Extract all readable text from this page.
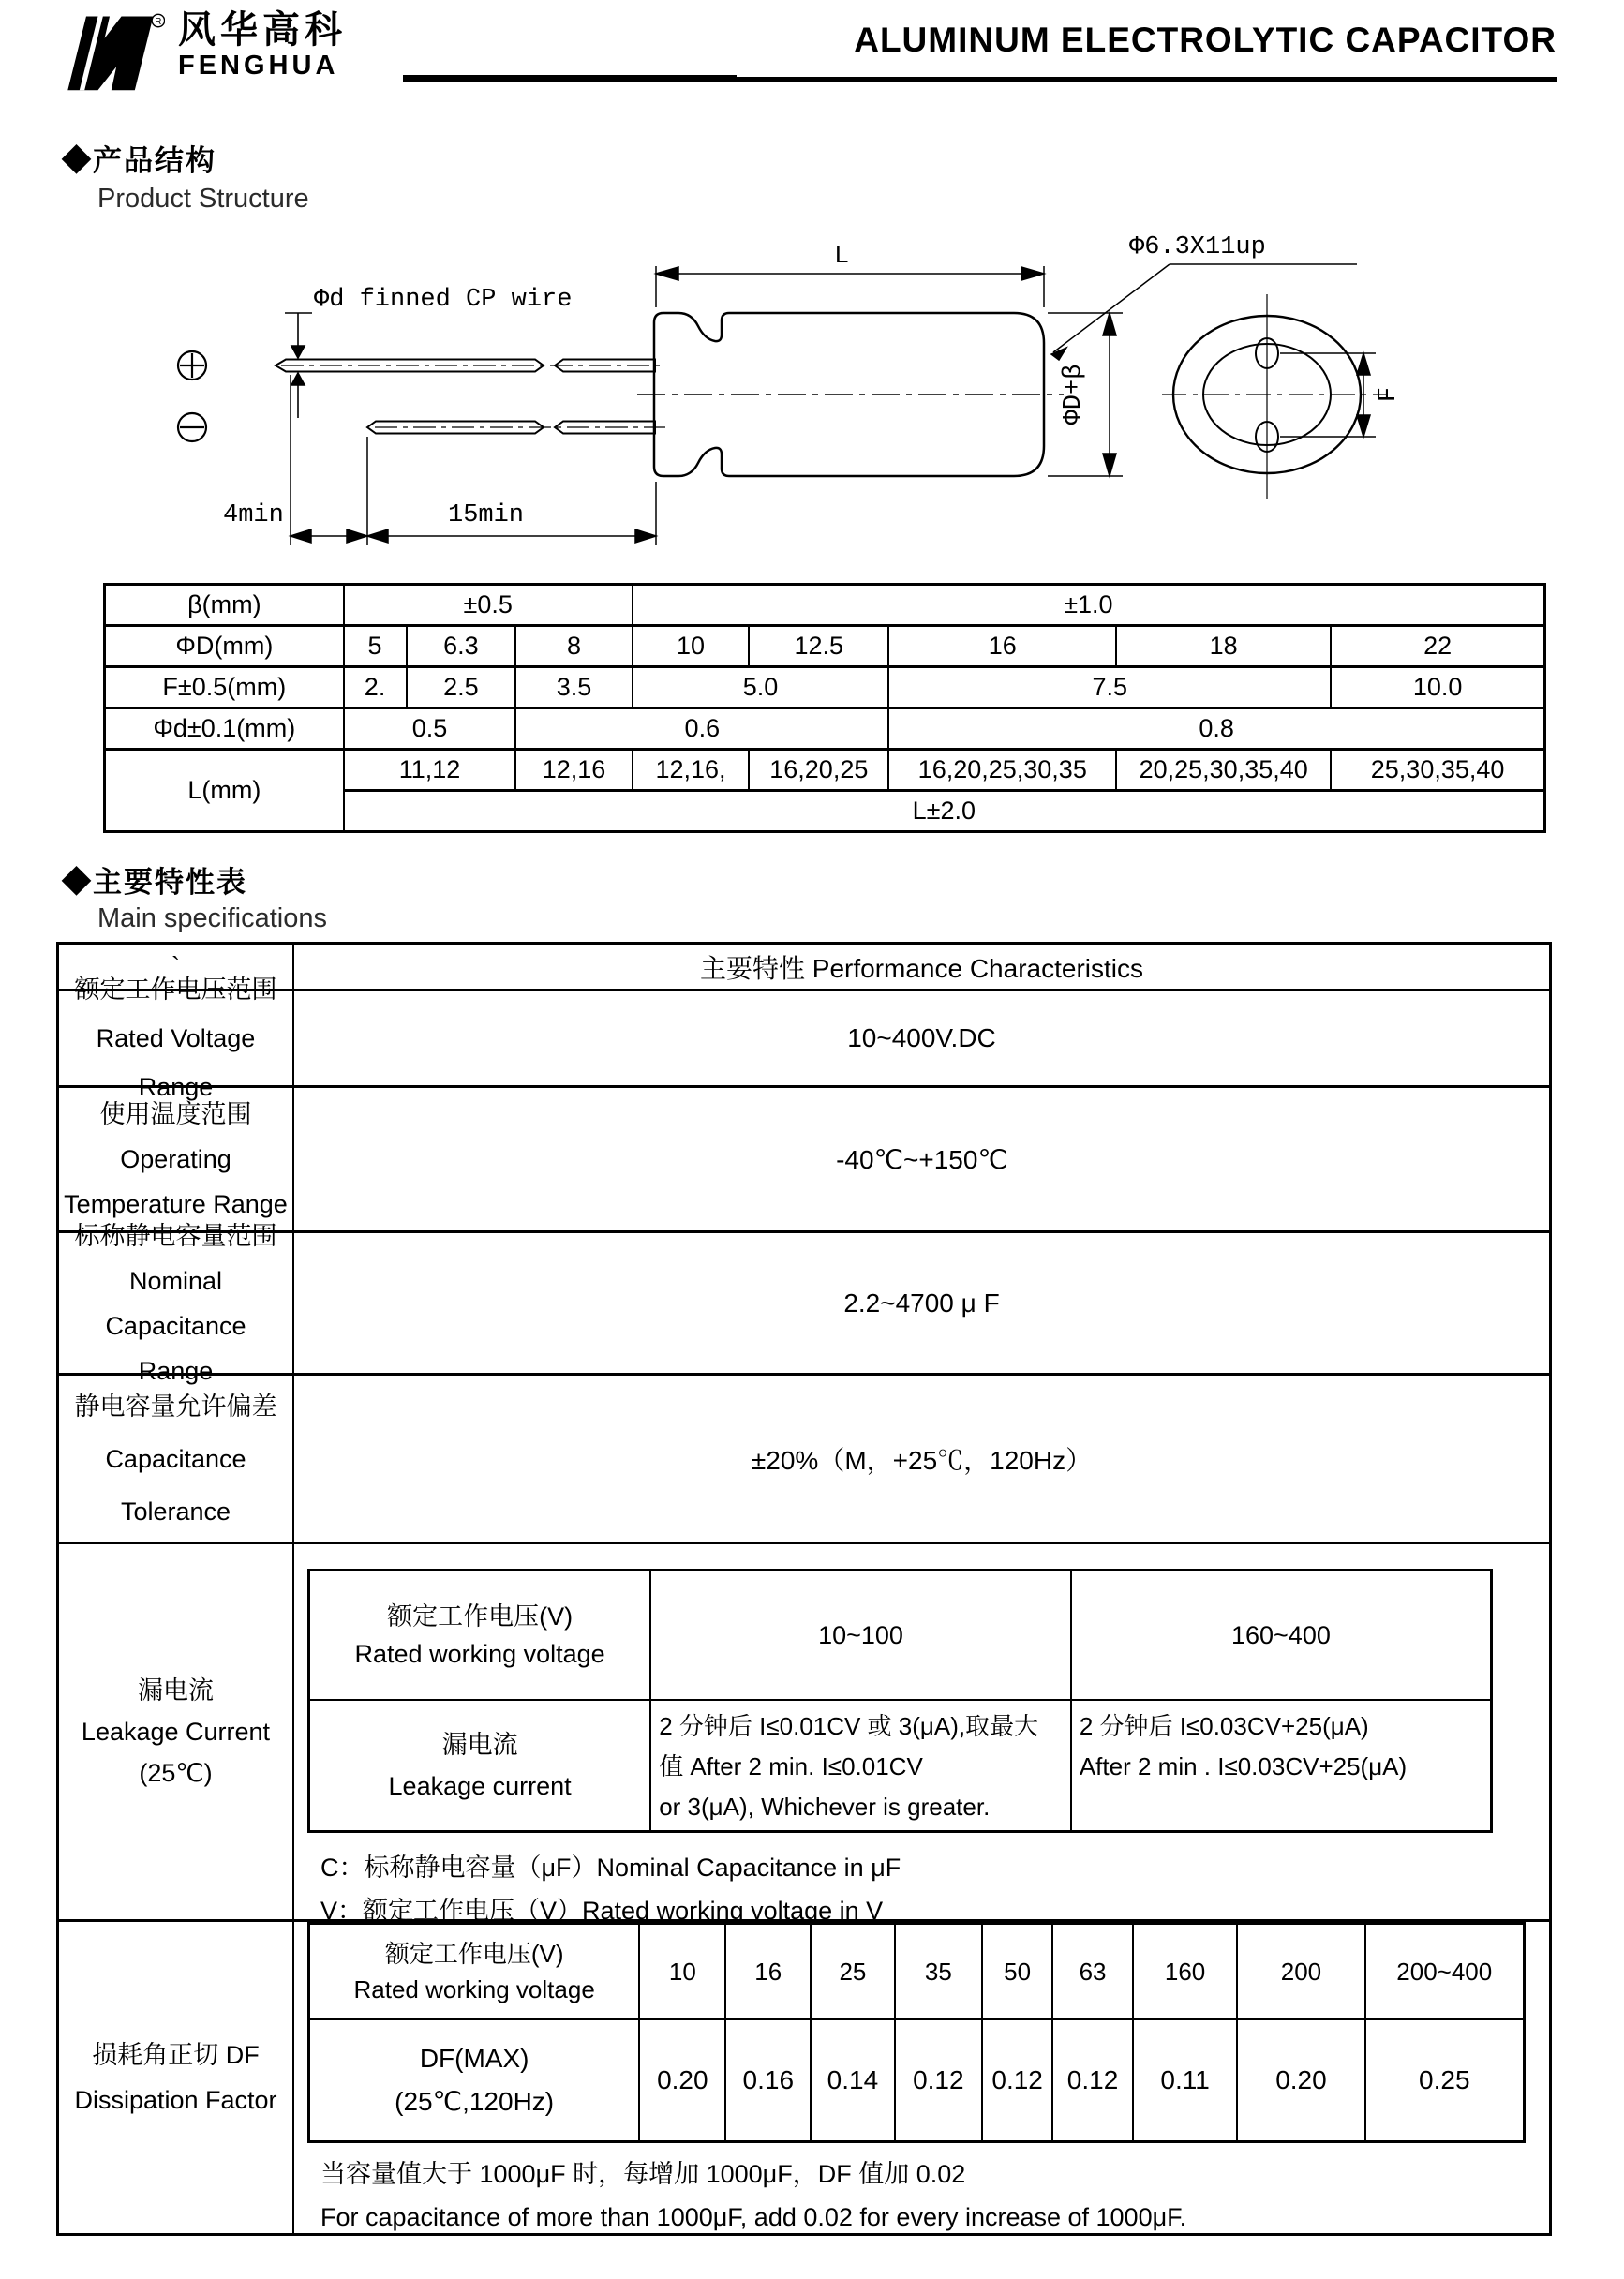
R 风华高科
FENGHUA
ALUMINUM ELECTROLYTIC CAPACITOR
◆产品结构
Product Structure
Φd finned CP wire
L	Φ6.3X11up
ΦD+β	F
4min	15min
β(mm)	±0.5			±1.0				
ΦD(mm)	5	6.3	8	10	12.5	16	18	22
F±0.5(mm)	2.	2.5	3.5	5.0		7.5		10.0
Φd±0.1(mm)	0.5		0.6			0.8		
L(mm)	11,12		12,16	12,16,	16,20,25	16,20,25,30,35	20,25,30,35,40	25,30,35,40
	L±2.0							
◆主要特性表
Main specifications
`	主要特性 Performance Characteristics
额定工作电压范围
Rated Voltage Range
10~400V.DC
使用温度范围
Operating
Temperature Range
-40℃~+150℃
标称静电容量范围
Nominal Capacitance
Range
2.2~4700 μ F
静电容量允许偏差
Capacitance
Tolerance
±20%（M，+25℃，120Hz）
漏电流
Leakage Current
(25℃)
额定工作电压(V)
Rated working voltage	10~100	160~400

漏电流
Leakage current

2 分钟后 I≤0.01CV 或 3(μA),取最大
值 After 2 min. I≤0.01CV
or 3(μA), Whichever is greater.

2 分钟后 I≤0.03CV+25(μA)
After 2 min . I≤0.03CV+25(μA)
C：标称静电容量（μF）Nominal Capacitance in μF
V：额定工作电压（V）Rated working voltage in V
损耗角正切 DF
Dissipation Factor
额定工作电压(V)
Rated working voltage	10	16	25	35	50	63	160	200	200~400

DF(MAX)
(25℃,120Hz)	0.20	0.16	0.14	0.12	0.12	0.12	0.11	0.20	0.25
当容量值大于 1000μF 时，每增加 1000μF，DF 值加 0.02
For capacitance of more than 1000μF, add 0.02 for every increase of 1000μF.
